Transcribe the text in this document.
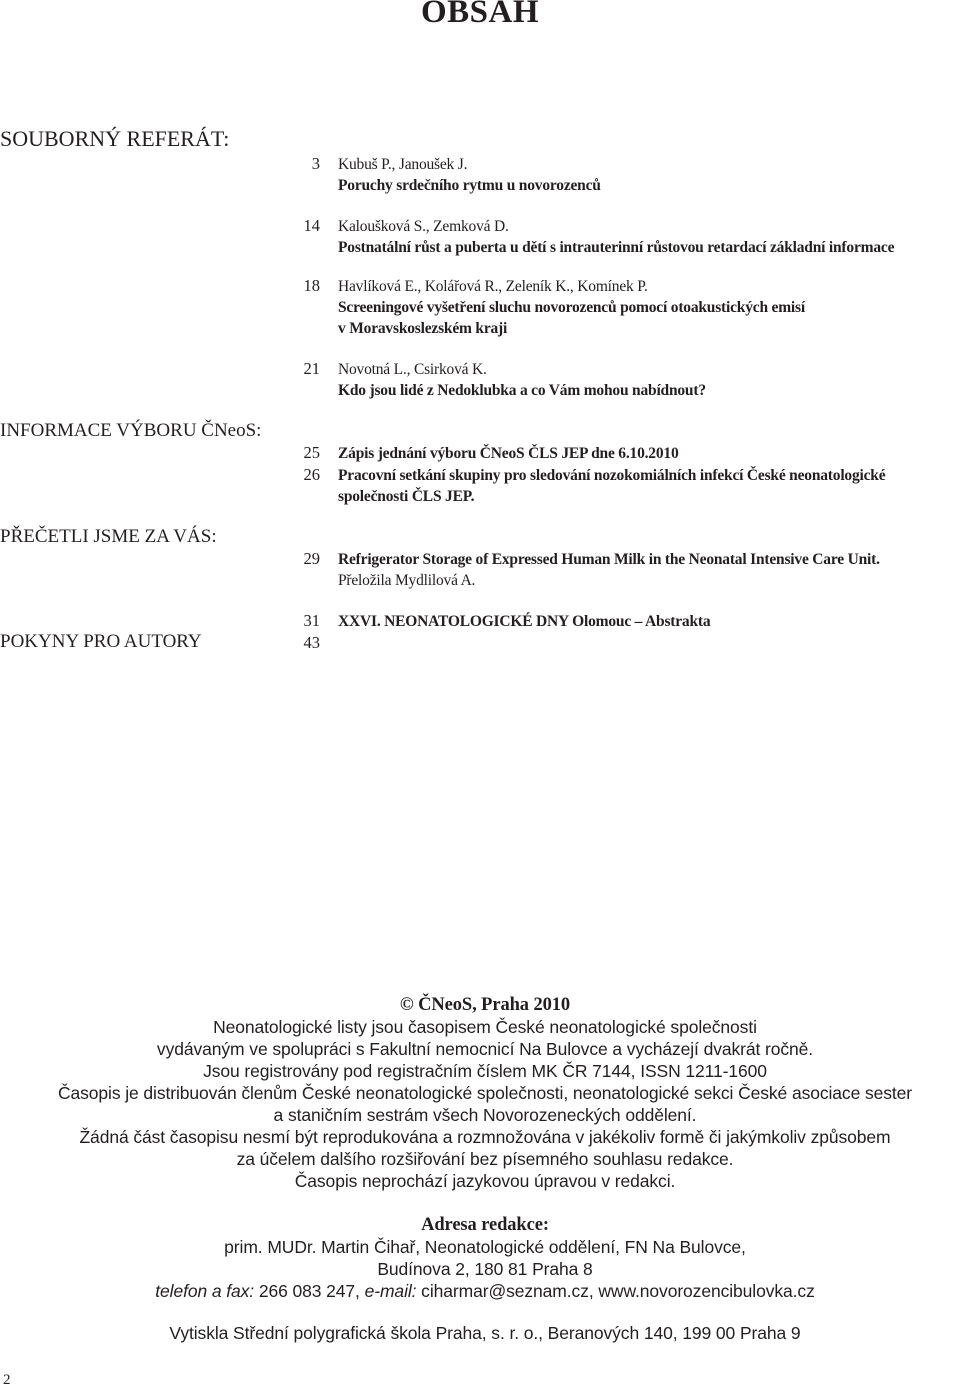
OBSAH
SOUBORNÝ REFERÁT:
INFORMACE VÝBORU ČNeoS:
PŘEČETLI JSME ZA VÁS:
POKYNY PRO AUTORY
3 Kubuš P., Janoušek J.
Poruchy srdečního rytmu u novorozenců
14 Kaloušková S., Zemková D.
Postnatální růst a puberta u dětí s intrauterinní růstovou retardací základní informace
18 Havlíková E., Kolářová R., Zeleník K., Komínek P.
Screeningové vyšetření sluchu novorozenců pomocí otoakustických emisí
v Moravskoslezském kraji
21 Novotná L., Csirková K.
Kdo jsou lidé z Nedoklubka a co Vám mohou nabídnout?
25 Zápis jednání výboru ČNeoS ČLS JEP dne 6.10.2010
26 Pracovní setkání skupiny pro sledování nozokomiálních infekcí České neonatologické
společnosti ČLS JEP.
29 Refrigerator Storage of Expressed Human Milk in the Neonatal Intensive Care Unit.
Přeložila Mydlilová A.
31 XXVI. NEONATOLOGICKÉ DNY Olomouc – Abstrakta
43
© ČNeoS, Praha 2010
Neonatologické listy jsou časopisem České neonatologické společnosti
vydávaným ve spolupráci s Fakultní nemocnicí Na Bulovce a vycházejí dvakrát ročně.
Jsou registrovány pod registračním číslem MK ČR 7144, ISSN 1211-1600
Časopis je distribuován členům České neonatologické společnosti, neonatologické sekci České asociace sester
a staničním sestrám všech Novorozeneckých oddělení.
Žádná část časopisu nesmí být reprodukována a rozmnožována v jakékoliv formě či jakýmkoliv způsobem
za účelem dalšího rozšiřování bez písemného souhlasu redakce.
Časopis neprochází jazykovou úpravou v redakci.
Adresa redakce:
prim. MUDr. Martin Čihař, Neonatologické oddělení, FN Na Bulovce,
Budínova 2, 180 81 Praha 8
telefon a fax: 266 083 247, e-mail: ciharmar@seznam.cz, www.novorozencibulovka.cz
Vytiskla Střední polygrafická škola Praha, s. r. o., Beranových 140, 199 00 Praha 9
2
